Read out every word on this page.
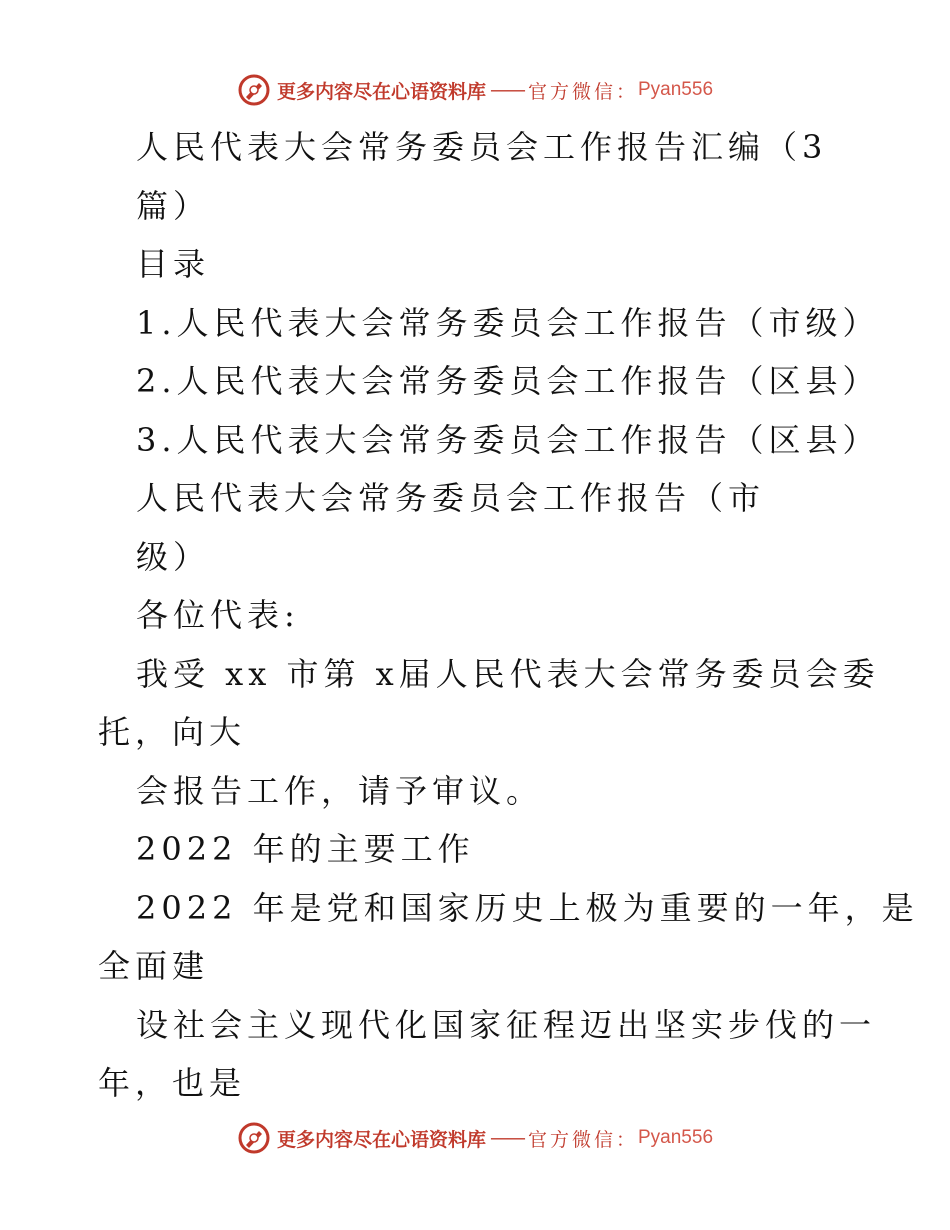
更多内容尽在心语资料库 —— 官方微信： Pyan556
人民代表大会常务委员会工作报告汇编（3
篇）
目录
1.人民代表大会常务委员会工作报告（市级）
2.人民代表大会常务委员会工作报告（区县）
3.人民代表大会常务委员会工作报告（区县）
人民代表大会常务委员会工作报告（市
级）
各位代表:
我受 xx 市第 x届人民代表大会常务委员会委
托，向大
会报告工作，请予审议。
2022 年的主要工作
2022 年是党和国家历史上极为重要的一年，是
全面建
设社会主义现代化国家征程迈出坚实步伐的一
年，也是
更多内容尽在心语资料库 —— 官方微信： Pyan556
